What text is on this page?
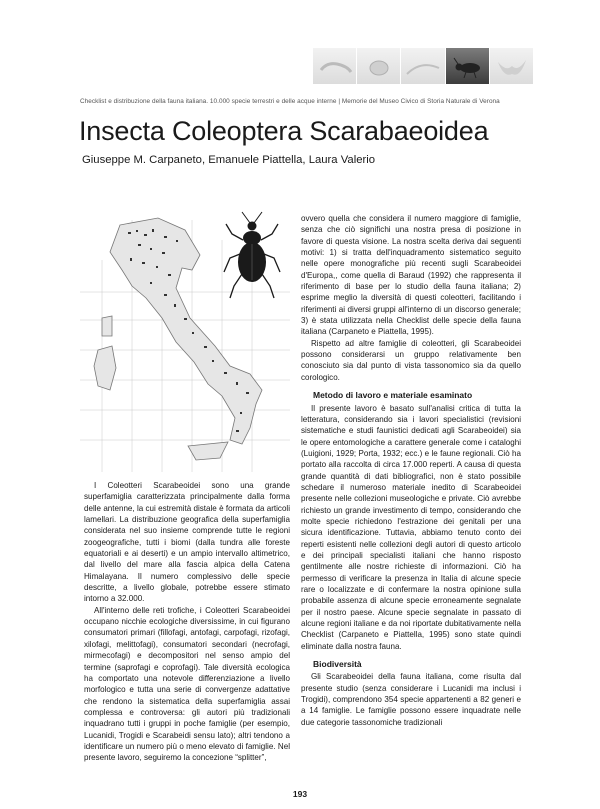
Checklist e distribuzione della fauna italiana. 10.000 specie terrestri e delle acque interne | Memorie del Museo Civico di Storia Naturale di Verona
Insecta Coleoptera Scarabaeoidea

Giuseppe M. Carpaneto, Emanuele Piattella, Laura Valerio

I Coleotteri Scarabeoidei sono una grande superfamiglia caratterizzata principalmente dalla forma delle antenne, la cui estremità distale è formata da articoli lamellari. La distribuzione geografica della superfamiglia considerata nel suo insieme comprende tutte le regioni zoogeografiche, tutti i biomi (dalla tundra alle foreste equatoriali e ai deserti) e un ampio intervallo altimetrico, dal livello del mare alla fascia alpica della Catena Himalayana. Il numero complessivo delle specie descritte, a livello globale, potrebbe essere stimato intorno a 32.000.

All'interno delle reti trofiche, i Coleotteri Scarabeoidei occupano nicchie ecologiche diversissime, in cui figurano consumatori primari (fillofagi, antofagi, carpofagi, rizofagi, xilofagi, melittofagi), consumatori secondari (necrofagi, mirmecofagi) e decompositori nel senso ampio del termine (saprofagi e coprofagi). Tale diversità ecologica ha comportato una notevole differenziazione a livello morfologico e tutta una serie di convergenze adattative che rendono la sistematica della superfamiglia assai complessa e controversa: gli autori più tradizionali inquadrano tutti i gruppi in poche famiglie (per esempio, Lucanidi, Trogidi e Scarabeidi sensu lato); altri tendono a identificare un numero più o meno elevato di famiglie. Nel presente lavoro, seguiremo la concezione “splitter”,

ovvero quella che considera il numero maggiore di famiglie, senza che ciò significhi una nostra presa di posizione in favore di questa visione. La nostra scelta deriva dai seguenti motivi: 1) si tratta dell'inquadramento sistematico seguito nelle opere monografiche più recenti sugli Scarabeoidei d'Europa,, come quella di Baraud (1992) che rappresenta il riferimento di base per lo studio della fauna italiana; 2) esprime meglio la diversità di questi coleotteri, facilitando i riferimenti ai diversi gruppi all'interno di un discorso generale; 3) è stata utilizzata nella Checklist delle specie della fauna italiana (Carpaneto e Piattella, 1995).

Rispetto ad altre famiglie di coleotteri, gli Scarabeoidei possono considerarsi un gruppo relativamente ben conosciuto sia dal punto di vista tassonomico sia da quello corologico.

Metodo di lavoro e materiale esaminato

Il presente lavoro è basato sull'analisi critica di tutta la letteratura, considerando sia i lavori specialistici (revisioni sistematiche e studi faunistici dedicati agli Scarabeoidei) sia le opere entomologiche a carattere generale come i cataloghi (Luigioni, 1929; Porta, 1932; ecc.) e le faune regionali. Ciò ha portato alla raccolta di circa 17.000 reperti. A causa di questa grande quantità di dati bibliografici, non è stato possibile schedare il numeroso materiale inedito di Scarabeoidei presente nelle collezioni museologiche e private. Ciò avrebbe richiesto un grande investimento di tempo, considerando che molte specie richiedono l'estrazione dei genitali per una sicura identificazione. Tuttavia, abbiamo tenuto conto dei reperti esistenti nelle collezioni degli autori di questo articolo e dei principali specialisti italiani che hanno risposto gentilmente alle nostre richieste di informazioni. Ciò ha permesso di verificare la presenza in Italia di alcune specie rare o localizzate e di confermare la nostra opinione sulla probabile assenza di alcune specie erroneamente segnalate per il nostro paese. Alcune specie segnalate in passato di alcune regioni italiane e da noi riportate dubitativamente nella Checklist (Carpaneto e Piattella, 1995) sono state quindi eliminate dalla nostra fauna.

Biodiversità

Gli Scarabeoidei della fauna italiana, come risulta dal presente studio (senza considerare i Lucanidi ma inclusi i Trogidi), comprendono 354 specie appartenenti a 82 generi e a 14 famiglie. Le famiglie possono essere inquadrate nelle due categorie tassonomiche tradizionali

193
